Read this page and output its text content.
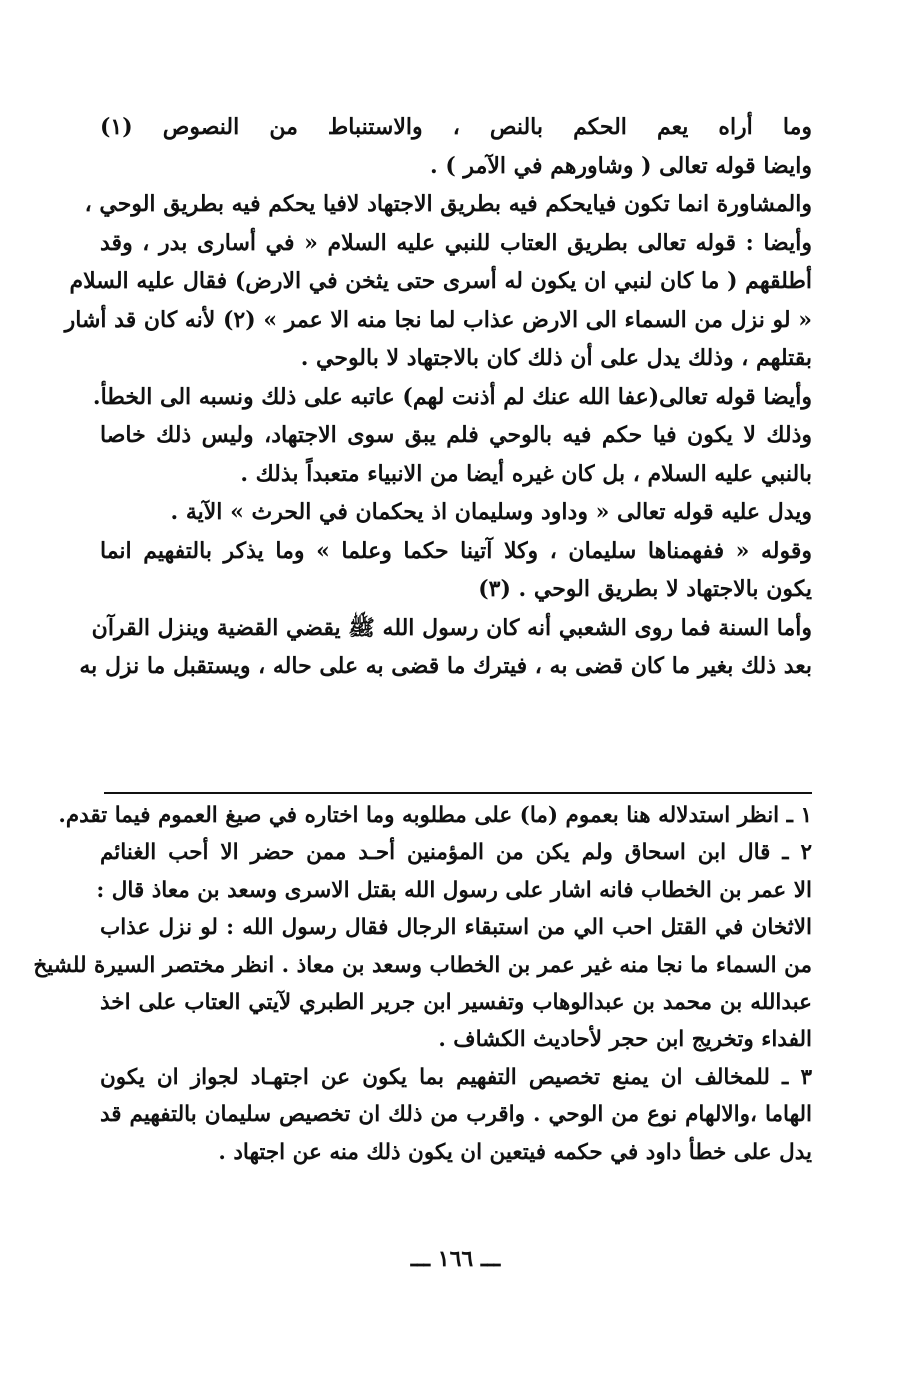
وما أراه يعم الحكم بالنص ، والاستنباط من النصوص (١)
وايضا قوله تعالى ( وشاورهم في الآمر ) .
والمشاورة انما تكون فيايحكم فيه بطريق الاجتهاد لافيا يحكم فيه بطريق الوحي ،
وأيضا : قوله تعالى بطريق العتاب للنبي عليه السلام « في أسارى بدر ، وقد
أطلقهم ( ما كان لنبي ان يكون له أسرى حتى يثخن في الارض) فقال عليه السلام
« لو نزل من السماء الى الارض عذاب لما نجا منه الا عمر » (٢) لأنه كان قد أشار
بقتلهم ، وذلك يدل على أن ذلك كان بالاجتهاد لا بالوحي .
وأيضا قوله تعالى(عفا الله عنك لم أذنت لهم) عاتبه على ذلك ونسبه الى الخطأ.
وذلك لا يكون فيا حكم فيه بالوحي فلم يبق سوى الاجتهاد، وليس ذلك خاصا
بالنبي عليه السلام ، بل كان غيره أيضا من الانبياء متعبداً بذلك .
ويدل عليه قوله تعالى « وداود وسليمان اذ يحكمان في الحرث » الآية .
وقوله « ففهمناها سليمان ، وكلا آتينا حكما وعلما » وما يذكر بالتفهيم انما
يكون بالاجتهاد لا بطريق الوحي . (٣)
وأما السنة فما روى الشعبي أنه كان رسول الله ﷺ يقضي القضية وينزل القرآن
بعد ذلك بغير ما كان قضى به ، فيترك ما قضى به على حاله ، ويستقبل ما نزل به
١ ـ انظر استدلاله هنا بعموم (ما) على مطلوبه وما اختاره في صيغ العموم فيما تقدم.
٢ ـ قال ابن اسحاق ولم يكن من المؤمنين أحـد ممن حضر الا أحب الغنائم
الا عمر بن الخطاب فانه اشار على رسول الله بقتل الاسرى وسعد بن معاذ قال :
الاثخان في القتل احب الي من استبقاء الرجال فقال رسول الله : لو نزل عذاب
من السماء ما نجا منه غير عمر بن الخطاب وسعد بن معاذ . انظر مختصر السيرة للشيخ
عبدالله بن محمد بن عبدالوهاب وتفسير ابن جرير الطبري لآيتي العتاب على اخذ
الفداء وتخريج ابن حجر لأحاديث الكشاف .
٣ ـ للمخالف ان يمنع تخصيص التفهيم بما يكون عن اجتهـاد لجواز ان يكون
الهاما ،والالهام نوع من الوحي . واقرب من ذلك ان تخصيص سليمان بالتفهيم قد
يدل على خطأ داود في حكمه فيتعين ان يكون ذلك منه عن اجتهاد .
ـــ ١٦٦ ـــ
